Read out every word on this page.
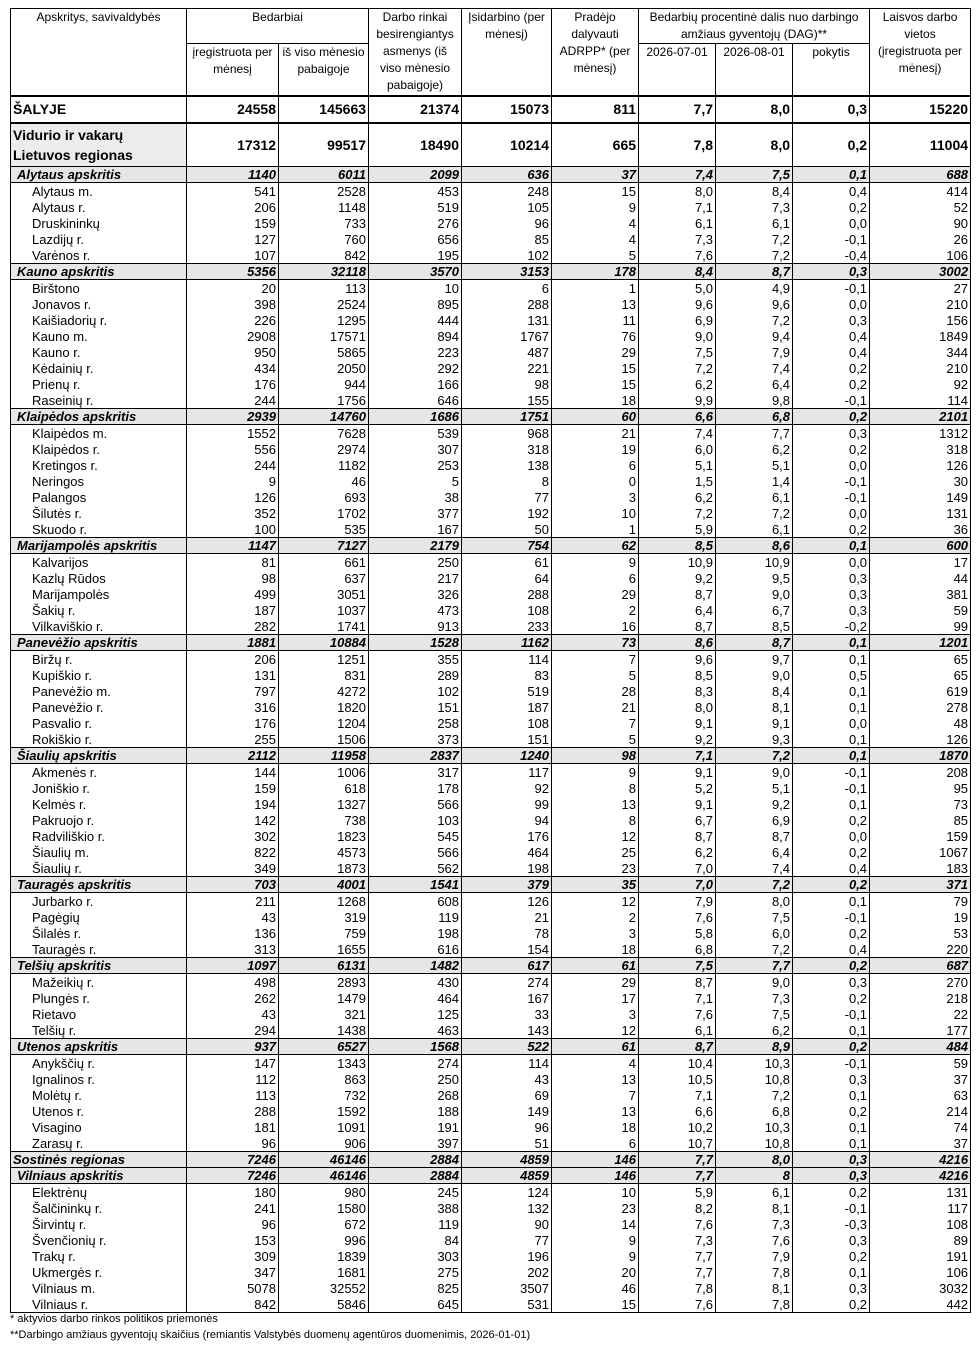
Apskritys, savivaldybės	Bedarbiai		Darbo rinkai besirengiantys asmenys (iš viso mėnesio pabaigoje)	Įsidarbino (per mėnesį)	Pradėjo dalyvauti ADRPP* (per mėnesį)	Bedarbių procentinė dalis nuo darbingo amžiaus gyventojų (DAG)**			Laisvos darbo vietos (įregistruota per mėnesį)
	įregistruota per mėnesį	iš viso mėnesio pabaigoje				2026-07-01	2026-08-01	pokytis	
ŠALYJE	24558	145663	21374	15073	811	7,7	8,0	0,3	15220
Vidurio ir vakarų Lietuvos regionas	17312	99517	18490	10214	665	7,8	8,0	0,2	11004
Alytaus apskritis	1140	6011	2099	636	37	7,4	7,5	0,1	688
Alytaus m.	541	2528	453	248	15	8,0	8,4	0,4	414
Alytaus r.	206	1148	519	105	9	7,1	7,3	0,2	52
Druskininkų	159	733	276	96	4	6,1	6,1	0,0	90
Lazdijų r.	127	760	656	85	4	7,3	7,2	-0,1	26
Varėnos r.	107	842	195	102	5	7,6	7,2	-0,4	106
Kauno apskritis	5356	32118	3570	3153	178	8,4	8,7	0,3	3002
Birštono	20	113	10	6	1	5,0	4,9	-0,1	27
Jonavos r.	398	2524	895	288	13	9,6	9,6	0,0	210
Kaišiadorių r.	226	1295	444	131	11	6,9	7,2	0,3	156
Kauno m.	2908	17571	894	1767	76	9,0	9,4	0,4	1849
Kauno r.	950	5865	223	487	29	7,5	7,9	0,4	344
Kėdainių r.	434	2050	292	221	15	7,2	7,4	0,2	210
Prienų r.	176	944	166	98	15	6,2	6,4	0,2	92
Raseinių r.	244	1756	646	155	18	9,9	9,8	-0,1	114
Klaipėdos apskritis	2939	14760	1686	1751	60	6,6	6,8	0,2	2101
Klaipėdos m.	1552	7628	539	968	21	7,4	7,7	0,3	1312
Klaipėdos r.	556	2974	307	318	19	6,0	6,2	0,2	318
Kretingos r.	244	1182	253	138	6	5,1	5,1	0,0	126
Neringos	9	46	5	8	0	1,5	1,4	-0,1	30
Palangos	126	693	38	77	3	6,2	6,1	-0,1	149
Šilutės r.	352	1702	377	192	10	7,2	7,2	0,0	131
Skuodo r.	100	535	167	50	1	5,9	6,1	0,2	36
Marijampolės apskritis	1147	7127	2179	754	62	8,5	8,6	0,1	600
Kalvarijos	81	661	250	61	9	10,9	10,9	0,0	17
Kazlų Rūdos	98	637	217	64	6	9,2	9,5	0,3	44
Marijampolės	499	3051	326	288	29	8,7	9,0	0,3	381
Šakių r.	187	1037	473	108	2	6,4	6,7	0,3	59
Vilkaviškio r.	282	1741	913	233	16	8,7	8,5	-0,2	99
Panevėžio apskritis	1881	10884	1528	1162	73	8,6	8,7	0,1	1201
Biržų r.	206	1251	355	114	7	9,6	9,7	0,1	65
Kupiškio r.	131	831	289	83	5	8,5	9,0	0,5	65
Panevėžio m.	797	4272	102	519	28	8,3	8,4	0,1	619
Panevėžio r.	316	1820	151	187	21	8,0	8,1	0,1	278
Pasvalio r.	176	1204	258	108	7	9,1	9,1	0,0	48
Rokiškio r.	255	1506	373	151	5	9,2	9,3	0,1	126
Šiaulių apskritis	2112	11958	2837	1240	98	7,1	7,2	0,1	1870
Akmenės r.	144	1006	317	117	9	9,1	9,0	-0,1	208
Joniškio r.	159	618	178	92	8	5,2	5,1	-0,1	95
Kelmės r.	194	1327	566	99	13	9,1	9,2	0,1	73
Pakruojo r.	142	738	103	94	8	6,7	6,9	0,2	85
Radviliškio r.	302	1823	545	176	12	8,7	8,7	0,0	159
Šiaulių m.	822	4573	566	464	25	6,2	6,4	0,2	1067
Šiaulių r.	349	1873	562	198	23	7,0	7,4	0,4	183
Tauragės apskritis	703	4001	1541	379	35	7,0	7,2	0,2	371
Jurbarko r.	211	1268	608	126	12	7,9	8,0	0,1	79
Pagėgių	43	319	119	21	2	7,6	7,5	-0,1	19
Šilalės r.	136	759	198	78	3	5,8	6,0	0,2	53
Tauragės r.	313	1655	616	154	18	6,8	7,2	0,4	220
Telšių apskritis	1097	6131	1482	617	61	7,5	7,7	0,2	687
Mažeikių r.	498	2893	430	274	29	8,7	9,0	0,3	270
Plungės r.	262	1479	464	167	17	7,1	7,3	0,2	218
Rietavo	43	321	125	33	3	7,6	7,5	-0,1	22
Telšių r.	294	1438	463	143	12	6,1	6,2	0,1	177
Utenos apskritis	937	6527	1568	522	61	8,7	8,9	0,2	484
Anykščių r.	147	1343	274	114	4	10,4	10,3	-0,1	59
Ignalinos r.	112	863	250	43	13	10,5	10,8	0,3	37
Molėtų r.	113	732	268	69	7	7,1	7,2	0,1	63
Utenos r.	288	1592	188	149	13	6,6	6,8	0,2	214
Visagino	181	1091	191	96	18	10,2	10,3	0,1	74
Zarasų r.	96	906	397	51	6	10,7	10,8	0,1	37
Sostinės regionas	7246	46146	2884	4859	146	7,7	8,0	0,3	4216
Vilniaus apskritis	7246	46146	2884	4859	146	7,7	8	0,3	4216
Elektrėnų	180	980	245	124	10	5,9	6,1	0,2	131
Šalčininkų r.	241	1580	388	132	23	8,2	8,1	-0,1	117
Širvintų r.	96	672	119	90	14	7,6	7,3	-0,3	108
Švenčionių r.	153	996	84	77	9	7,3	7,6	0,3	89
Trakų r.	309	1839	303	196	9	7,7	7,9	0,2	191
Ukmergės r.	347	1681	275	202	20	7,7	7,8	0,1	106
Vilniaus m.	5078	32552	825	3507	46	7,8	8,1	0,3	3032
Vilniaus r.	842	5846	645	531	15	7,6	7,8	0,2	442
* aktyvios darbo rinkos politikos priemonės
**Darbingo amžiaus gyventojų skaičius (remiantis Valstybės duomenų agentūros duomenimis, 2026-01-01)
